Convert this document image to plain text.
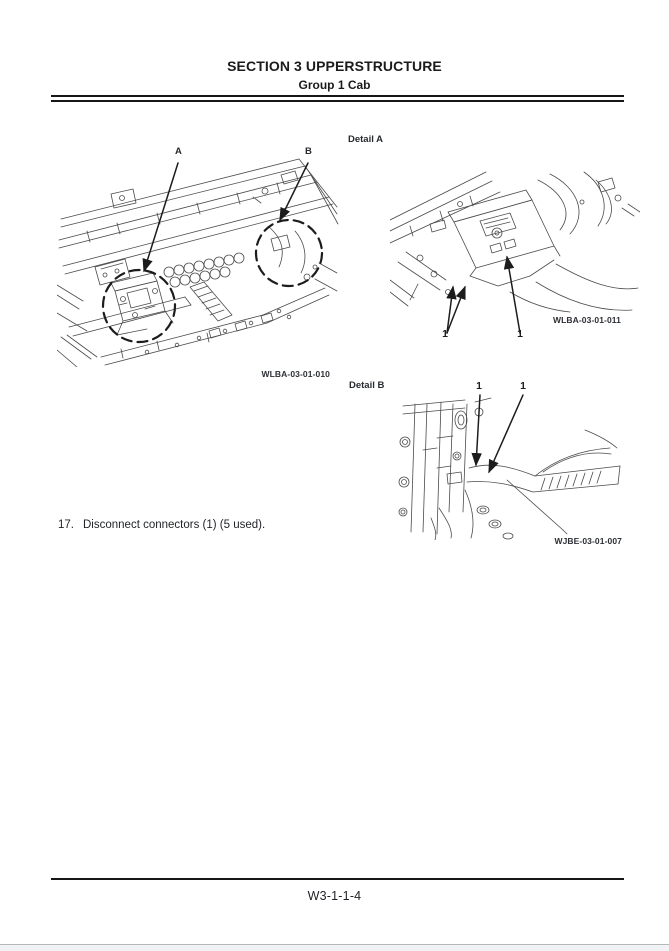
SECTION 3 UPPERSTRUCTURE
Group 1 Cab
A	B
WLBA-03-01-010
Detail A
1	1
WLBA-03-01-011
Detail B	1	1
WJBE-03-01-007
17. Disconnect connectors (1) (5 used).
W3-1-1-4
